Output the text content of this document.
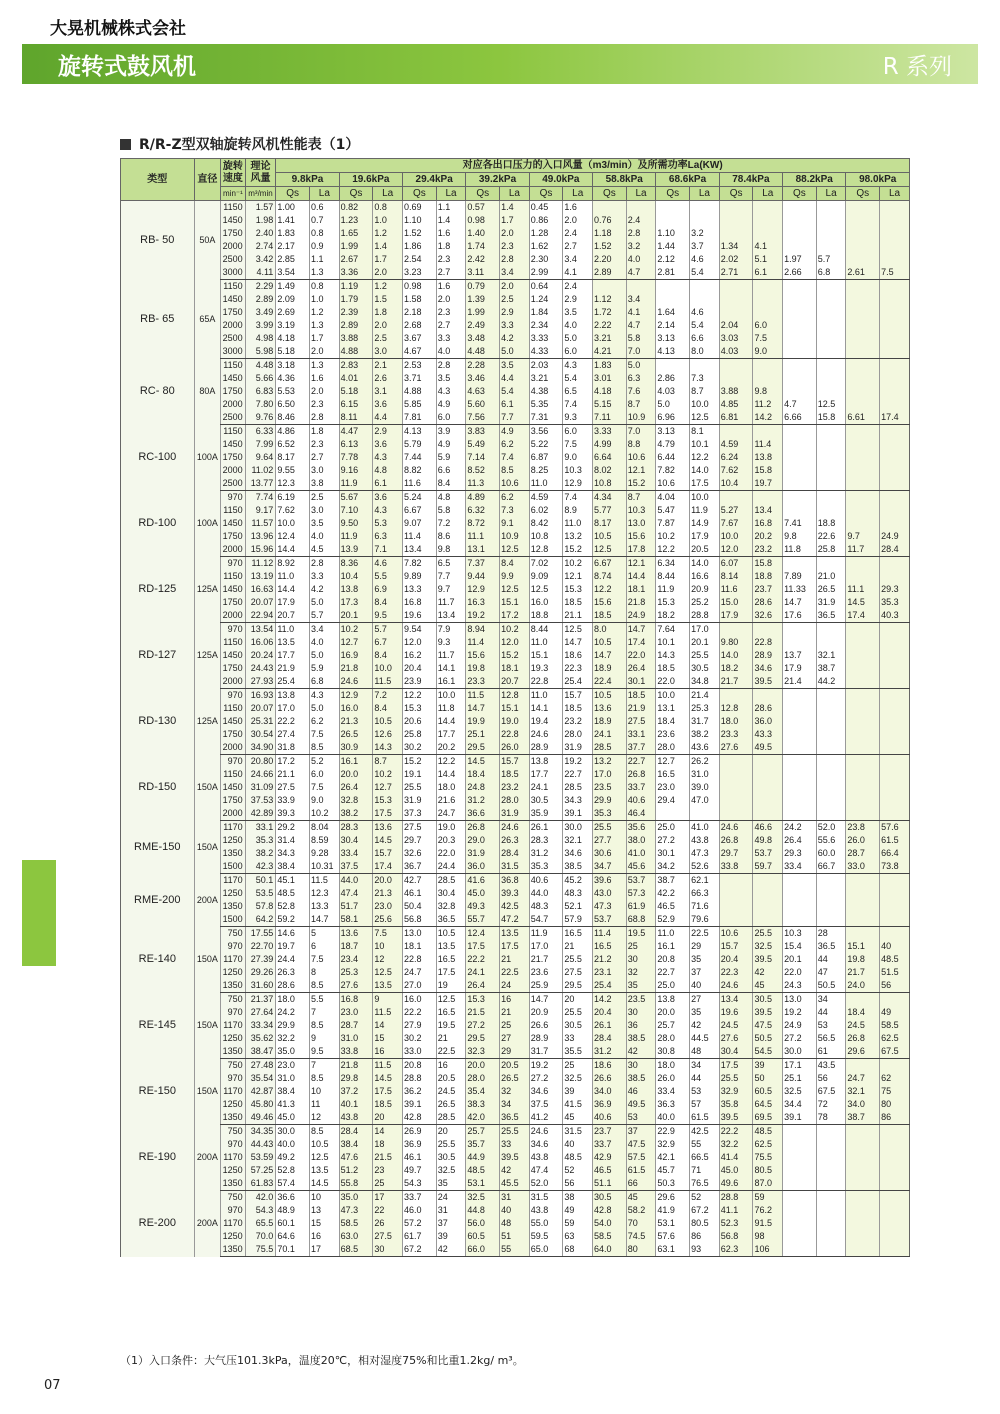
大晃机械株式会社
旋转式鼓风机	R 系列
R/R-Z型双轴旋转风机性能表（1）
类型	直径	旋转速度	理论风量	对应各出口压力的入口风量（m3/min）及所需功率La(KW)																			
				9.8kPa		19.6kPa		29.4kPa		39.2kPa		49.0kPa		58.8kPa		68.6kPa		78.4kPa		88.2kPa		98.0kPa	
		min⁻¹	m³/min	Qs	La	Qs	La	Qs	La	Qs	La	Qs	La	Qs	La	Qs	La	Qs	La	Qs	La	Qs	La
RB- 50	50A	1150	1.57	1.00	0.6	0.82	0.8	0.69	1.1	0.57	1.4	0.45	1.6										
		1450	1.98	1.41	0.7	1.23	1.0	1.10	1.4	0.98	1.7	0.86	2.0	0.76	2.4								
		1750	2.40	1.83	0.8	1.65	1.2	1.52	1.6	1.40	2.0	1.28	2.4	1.18	2.8	1.10	3.2						
		2000	2.74	2.17	0.9	1.99	1.4	1.86	1.8	1.74	2.3	1.62	2.7	1.52	3.2	1.44	3.7	1.34	4.1				
		2500	3.42	2.85	1.1	2.67	1.7	2.54	2.3	2.42	2.8	2.30	3.4	2.20	4.0	2.12	4.6	2.02	5.1	1.97	5.7		
		3000	4.11	3.54	1.3	3.36	2.0	3.23	2.7	3.11	3.4	2.99	4.1	2.89	4.7	2.81	5.4	2.71	6.1	2.66	6.8	2.61	7.5
RB- 65	65A	1150	2.29	1.49	0.8	1.19	1.2	0.98	1.6	0.79	2.0	0.64	2.4										
		1450	2.89	2.09	1.0	1.79	1.5	1.58	2.0	1.39	2.5	1.24	2.9	1.12	3.4								
		1750	3.49	2.69	1.2	2.39	1.8	2.18	2.3	1.99	2.9	1.84	3.5	1.72	4.1	1.64	4.6						
		2000	3.99	3.19	1.3	2.89	2.0	2.68	2.7	2.49	3.3	2.34	4.0	2.22	4.7	2.14	5.4	2.04	6.0				
		2500	4.98	4.18	1.7	3.88	2.5	3.67	3.3	3.48	4.2	3.33	5.0	3.21	5.8	3.13	6.6	3.03	7.5				
		3000	5.98	5.18	2.0	4.88	3.0	4.67	4.0	4.48	5.0	4.33	6.0	4.21	7.0	4.13	8.0	4.03	9.0				
RC- 80	80A	1150	4.48	3.18	1.3	2.83	2.1	2.53	2.8	2.28	3.5	2.03	4.3	1.83	5.0								
		1450	5.66	4.36	1.6	4.01	2.6	3.71	3.5	3.46	4.4	3.21	5.4	3.01	6.3	2.86	7.3						
		1750	6.83	5.53	2.0	5.18	3.1	4.88	4.3	4.63	5.4	4.38	6.5	4.18	7.6	4.03	8.7	3.88	9.8				
		2000	7.80	6.50	2.3	6.15	3.6	5.85	4.9	5.60	6.1	5.35	7.4	5.15	8.7	5.0	10.0	4.85	11.2	4.7	12.5		
		2500	9.76	8.46	2.8	8.11	4.4	7.81	6.0	7.56	7.7	7.31	9.3	7.11	10.9	6.96	12.5	6.81	14.2	6.66	15.8	6.61	17.4
RC-100	100A	1150	6.33	4.86	1.8	4.47	2.9	4.13	3.9	3.83	4.9	3.56	6.0	3.33	7.0	3.13	8.1						
		1450	7.99	6.52	2.3	6.13	3.6	5.79	4.9	5.49	6.2	5.22	7.5	4.99	8.8	4.79	10.1	4.59	11.4				
		1750	9.64	8.17	2.7	7.78	4.3	7.44	5.9	7.14	7.4	6.87	9.0	6.64	10.6	6.44	12.2	6.24	13.8				
		2000	11.02	9.55	3.0	9.16	4.8	8.82	6.6	8.52	8.5	8.25	10.3	8.02	12.1	7.82	14.0	7.62	15.8				
		2500	13.77	12.3	3.8	11.9	6.1	11.6	8.4	11.3	10.6	11.0	12.9	10.8	15.2	10.6	17.5	10.4	19.7				
RD-100	100A	970	7.74	6.19	2.5	5.67	3.6	5.24	4.8	4.89	6.2	4.59	7.4	4.34	8.7	4.04	10.0						
		1150	9.17	7.62	3.0	7.10	4.3	6.67	5.8	6.32	7.3	6.02	8.9	5.77	10.3	5.47	11.9	5.27	13.4				
		1450	11.57	10.0	3.5	9.50	5.3	9.07	7.2	8.72	9.1	8.42	11.0	8.17	13.0	7.87	14.9	7.67	16.8	7.41	18.8		
		1750	13.96	12.4	4.0	11.9	6.3	11.4	8.6	11.1	10.9	10.8	13.2	10.5	15.6	10.2	17.9	10.0	20.2	9.8	22.6	9.7	24.9
		2000	15.96	14.4	4.5	13.9	7.1	13.4	9.8	13.1	12.5	12.8	15.2	12.5	17.8	12.2	20.5	12.0	23.2	11.8	25.8	11.7	28.4
RD-125	125A	970	11.12	8.92	2.8	8.36	4.6	7.82	6.5	7.37	8.4	7.02	10.2	6.67	12.1	6.34	14.0	6.07	15.8				
		1150	13.19	11.0	3.3	10.4	5.5	9.89	7.7	9.44	9.9	9.09	12.1	8.74	14.4	8.44	16.6	8.14	18.8	7.89	21.0		
		1450	16.63	14.4	4.2	13.8	6.9	13.3	9.7	12.9	12.5	12.5	15.3	12.2	18.1	11.9	20.9	11.6	23.7	11.33	26.5	11.1	29.3
		1750	20.07	17.9	5.0	17.3	8.4	16.8	11.7	16.3	15.1	16.0	18.5	15.6	21.8	15.3	25.2	15.0	28.6	14.7	31.9	14.5	35.3
		2000	22.94	20.7	5.7	20.1	9.5	19.6	13.4	19.2	17.2	18.8	21.1	18.5	24.9	18.2	28.8	17.9	32.6	17.6	36.5	17.4	40.3
RD-127	125A	970	13.54	11.0	3.4	10.2	5.7	9.54	7.9	8.94	10.2	8.44	12.5	8.0	14.7	7.64	17.0						
		1150	16.06	13.5	4.0	12.7	6.7	12.0	9.3	11.4	12.0	11.0	14.7	10.5	17.4	10.1	20.1	9.80	22.8				
		1450	20.24	17.7	5.0	16.9	8.4	16.2	11.7	15.6	15.2	15.1	18.6	14.7	22.0	14.3	25.5	14.0	28.9	13.7	32.1		
		1750	24.43	21.9	5.9	21.8	10.0	20.4	14.1	19.8	18.1	19.3	22.3	18.9	26.4	18.5	30.5	18.2	34.6	17.9	38.7		
		2000	27.93	25.4	6.8	24.6	11.5	23.9	16.1	23.3	20.7	22.8	25.4	22.4	30.1	22.0	34.8	21.7	39.5	21.4	44.2		
RD-130	125A	970	16.93	13.8	4.3	12.9	7.2	12.2	10.0	11.5	12.8	11.0	15.7	10.5	18.5	10.0	21.4						
		1150	20.07	17.0	5.0	16.0	8.4	15.3	11.8	14.7	15.1	14.1	18.5	13.6	21.9	13.1	25.3	12.8	28.6				
		1450	25.31	22.2	6.2	21.3	10.5	20.6	14.4	19.9	19.0	19.4	23.2	18.9	27.5	18.4	31.7	18.0	36.0				
		1750	30.54	27.4	7.5	26.5	12.6	25.8	17.7	25.1	22.8	24.6	28.0	24.1	33.1	23.6	38.2	23.3	43.3				
		2000	34.90	31.8	8.5	30.9	14.3	30.2	20.2	29.5	26.0	28.9	31.9	28.5	37.7	28.0	43.6	27.6	49.5				
RD-150	150A	970	20.80	17.2	5.2	16.1	8.7	15.2	12.2	14.5	15.7	13.8	19.2	13.2	22.7	12.7	26.2						
		1150	24.66	21.1	6.0	20.0	10.2	19.1	14.4	18.4	18.5	17.7	22.7	17.0	26.8	16.5	31.0						
		1450	31.09	27.5	7.5	26.4	12.7	25.5	18.0	24.8	23.2	24.1	28.5	23.5	33.7	23.0	39.0						
		1750	37.53	33.9	9.0	32.8	15.3	31.9	21.6	31.2	28.0	30.5	34.3	29.9	40.6	29.4	47.0						
		2000	42.89	39.3	10.2	38.2	17.5	37.3	24.7	36.6	31.9	35.9	39.1	35.3	46.4								
RME-150	150A	1170	33.1	29.2	8.04	28.3	13.6	27.5	19.0	26.8	24.6	26.1	30.0	25.5	35.6	25.0	41.0	24.6	46.6	24.2	52.0	23.8	57.6
		1250	35.3	31.4	8.59	30.4	14.5	29.7	20.3	29.0	26.3	28.3	32.1	27.7	38.0	27.2	43.8	26.8	49.8	26.4	55.6	26.0	61.5
		1350	38.2	34.3	9.28	33.4	15.7	32.6	22.0	31.9	28.4	31.2	34.6	30.6	41.0	30.1	47.3	29.7	53.7	29.3	60.0	28.7	66.4
		1500	42.3	38.4	10.31	37.5	17.4	36.7	24.4	36.0	31.5	35.3	38.5	34.7	45.6	34.2	52.6	33.8	59.7	33.4	66.7	33.0	73.8
RME-200	200A	1170	50.1	45.1	11.5	44.0	20.0	42.7	28.5	41.6	36.8	40.6	45.2	39.6	53.7	38.7	62.1						
		1250	53.5	48.5	12.3	47.4	21.3	46.1	30.4	45.0	39.3	44.0	48.3	43.0	57.3	42.2	66.3						
		1350	57.8	52.8	13.3	51.7	23.0	50.4	32.8	49.3	42.5	48.3	52.1	47.3	61.9	46.5	71.6						
		1500	64.2	59.2	14.7	58.1	25.6	56.8	36.5	55.7	47.2	54.7	57.9	53.7	68.8	52.9	79.6						
RE-140	150A	750	17.55	14.6	5	13.6	7.5	13.0	10.5	12.4	13.5	11.9	16.5	11.4	19.5	11.0	22.5	10.6	25.5	10.3	28		
		970	22.70	19.7	6	18.7	10	18.1	13.5	17.5	17.5	17.0	21	16.5	25	16.1	29	15.7	32.5	15.4	36.5	15.1	40
		1170	27.39	24.4	7.5	23.4	12	22.8	16.5	22.2	21	21.7	25.5	21.2	30	20.8	35	20.4	39.5	20.1	44	19.8	48.5
		1250	29.26	26.3	8	25.3	12.5	24.7	17.5	24.1	22.5	23.6	27.5	23.1	32	22.7	37	22.3	42	22.0	47	21.7	51.5
		1350	31.60	28.6	8.5	27.6	13.5	27.0	19	26.4	24	25.9	29.5	25.4	35	25.0	40	24.6	45	24.3	50.5	24.0	56
RE-145	150A	750	21.37	18.0	5.5	16.8	9	16.0	12.5	15.3	16	14.7	20	14.2	23.5	13.8	27	13.4	30.5	13.0	34		
		970	27.64	24.2	7	23.0	11.5	22.2	16.5	21.5	21	20.9	25.5	20.4	30	20.0	35	19.6	39.5	19.2	44	18.4	49
		1170	33.34	29.9	8.5	28.7	14	27.9	19.5	27.2	25	26.6	30.5	26.1	36	25.7	42	24.5	47.5	24.9	53	24.5	58.5
		1250	35.62	32.2	9	31.0	15	30.2	21	29.5	27	28.9	33	28.4	38.5	28.0	44.5	27.6	50.5	27.2	56.5	26.8	62.5
		1350	38.47	35.0	9.5	33.8	16	33.0	22.5	32.3	29	31.7	35.5	31.2	42	30.8	48	30.4	54.5	30.0	61	29.6	67.5
RE-150	150A	750	27.48	23.0	7	21.8	11.5	20.8	16	20.0	20.5	19.2	25	18.6	30	18.0	34	17.5	39	17.1	43.5		
		970	35.54	31.0	8.5	29.8	14.5	28.8	20.5	28.0	26.5	27.2	32.5	26.6	38.5	26.0	44	25.5	50	25.1	56	24.7	62
		1170	42.87	38.4	10	37.2	17.5	36.2	24.5	35.4	32	34.6	39	34.0	46	33.4	53	32.9	60.5	32.5	67.5	32.1	75
		1250	45.80	41.3	11	40.1	18.5	39.1	26.5	38.3	34	37.5	41.5	36.9	49.5	36.3	57	35.8	64.5	34.4	72	34.0	80
		1350	49.46	45.0	12	43.8	20	42.8	28.5	42.0	36.5	41.2	45	40.6	53	40.0	61.5	39.5	69.5	39.1	78	38.7	86
RE-190	200A	750	34.35	30.0	8.5	28.4	14	26.9	20	25.7	25.5	24.6	31.5	23.7	37	22.9	42.5	22.2	48.5				
		970	44.43	40.0	10.5	38.4	18	36.9	25.5	35.7	33	34.6	40	33.7	47.5	32.9	55	32.2	62.5				
		1170	53.59	49.2	12.5	47.6	21.5	46.1	30.5	44.9	39.5	43.8	48.5	42.9	57.5	42.1	66.5	41.4	75.5				
		1250	57.25	52.8	13.5	51.2	23	49.7	32.5	48.5	42	47.4	52	46.5	61.5	45.7	71	45.0	80.5				
		1350	61.83	57.4	14.5	55.8	25	54.3	35	53.1	45.5	52.0	56	51.1	66	50.3	76.5	49.6	87.0				
RE-200	200A	750	42.0	36.6	10	35.0	17	33.7	24	32.5	31	31.5	38	30.5	45	29.6	52	28.8	59				
		970	54.3	48.9	13	47.3	22	46.0	31	44.8	40	43.8	49	42.8	58.2	41.9	67.2	41.1	76.2				
		1170	65.5	60.1	15	58.5	26	57.2	37	56.0	48	55.0	59	54.0	70	53.1	80.5	52.3	91.5				
		1250	70.0	64.6	16	63.0	27.5	61.7	39	60.5	51	59.5	63	58.5	74.5	57.6	86	56.8	98				
		1350	75.5	70.1	17	68.5	30	67.2	42	66.0	55	65.0	68	64.0	80	63.1	93	62.3	106				
（1）入口条件：大气压101.3kPa，温度20℃，相对湿度75%和比重1.2kg/ m³。
07
